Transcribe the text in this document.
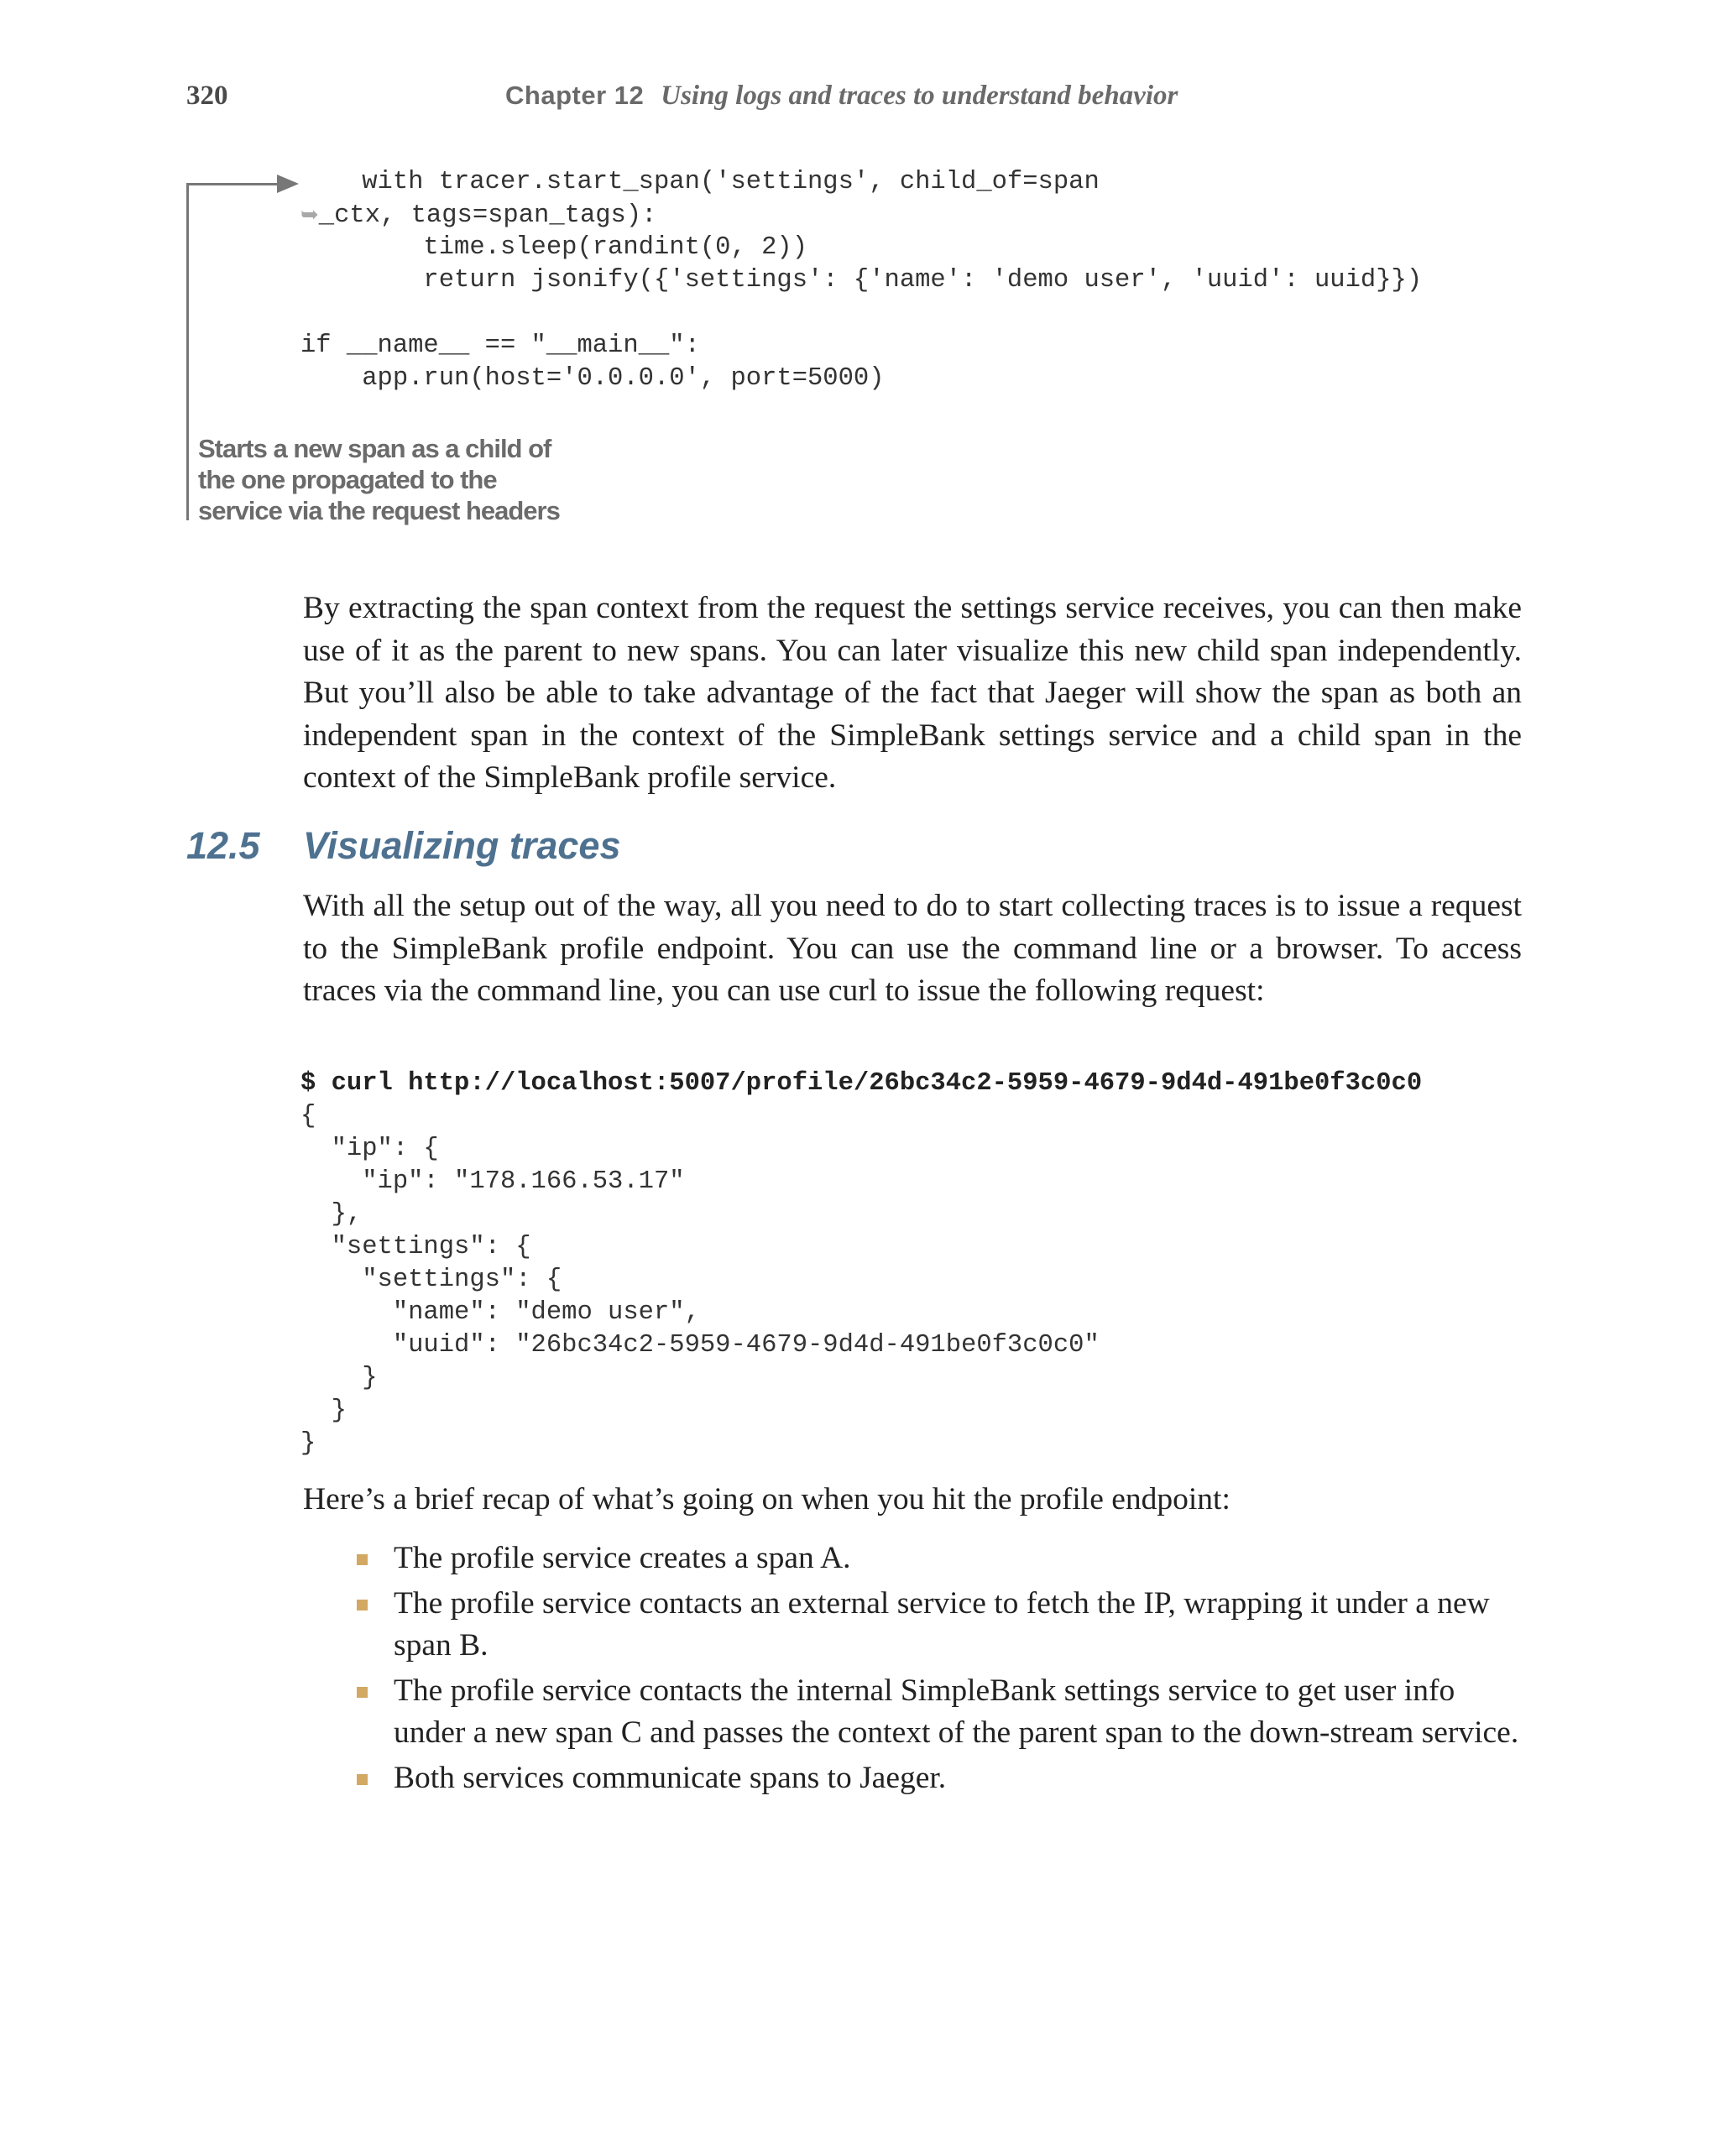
320	Chapter 12 Using logs and traces to understand behavior
with tracer.start_span('settings', child_of=span
➥_ctx, tags=span_tags):
time.sleep(randint(0, 2))
return jsonify({'settings': {'name': 'demo user', 'uuid': uuid}})
if __name__ == "__main__":
app.run(host='0.0.0.0', port=5000)
Starts a new span as a child of
the one propagated to the
service via the request headers

By extracting the span context from the request the settings service receives, you can then make use of it as the parent to new spans. You can later visualize this new child span independently. But you’ll also be able to take advantage of the fact that Jaeger will show the span as both an independent span in the context of the SimpleBank settings service and a child span in the context of the SimpleBank profile service.

12.5 Visualizing traces

With all the setup out of the way, all you need to do to start collecting traces is to issue a request to the SimpleBank profile endpoint. You can use the command line or a browser. To access traces via the command line, you can use curl to issue the following request:

$ curl http://localhost:5007/profile/26bc34c2-5959-4679-9d4d-491be0f3c0c0
{
"ip": {
"ip": "178.166.53.17"
},
"settings": {
"settings": {
"name": "demo user",
"uuid": "26bc34c2-5959-4679-9d4d-491be0f3c0c0"
}
}
}

Here’s a brief recap of what’s going on when you hit the profile endpoint:

The profile service creates a span A.
The profile service contacts an external service to fetch the IP, wrapping it under a new span B.
The profile service contacts the internal SimpleBank settings service to get user info under a new span C and passes the context of the parent span to the down-stream service.
Both services communicate spans to Jaeger.
